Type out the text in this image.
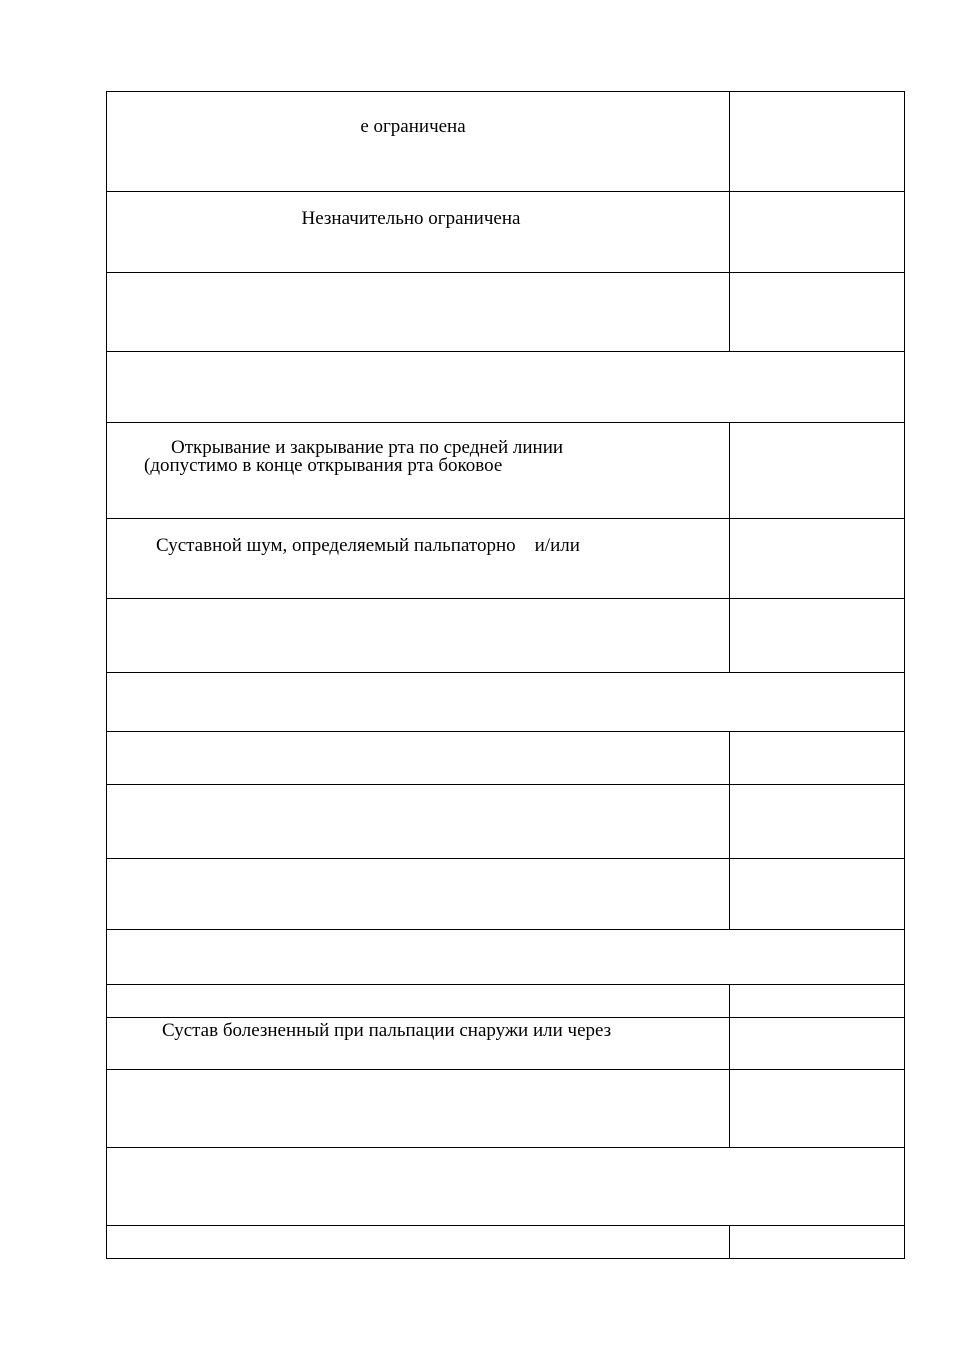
е ограничена	

Незначительно ограничена	

Открывание и закрывание рта по средней линии
(допустимо в конце открывания рта боковое	

Суставной шум, определяемый пальпаторно    и/или	

Сустав болезненный при пальпации снаружи или через	
